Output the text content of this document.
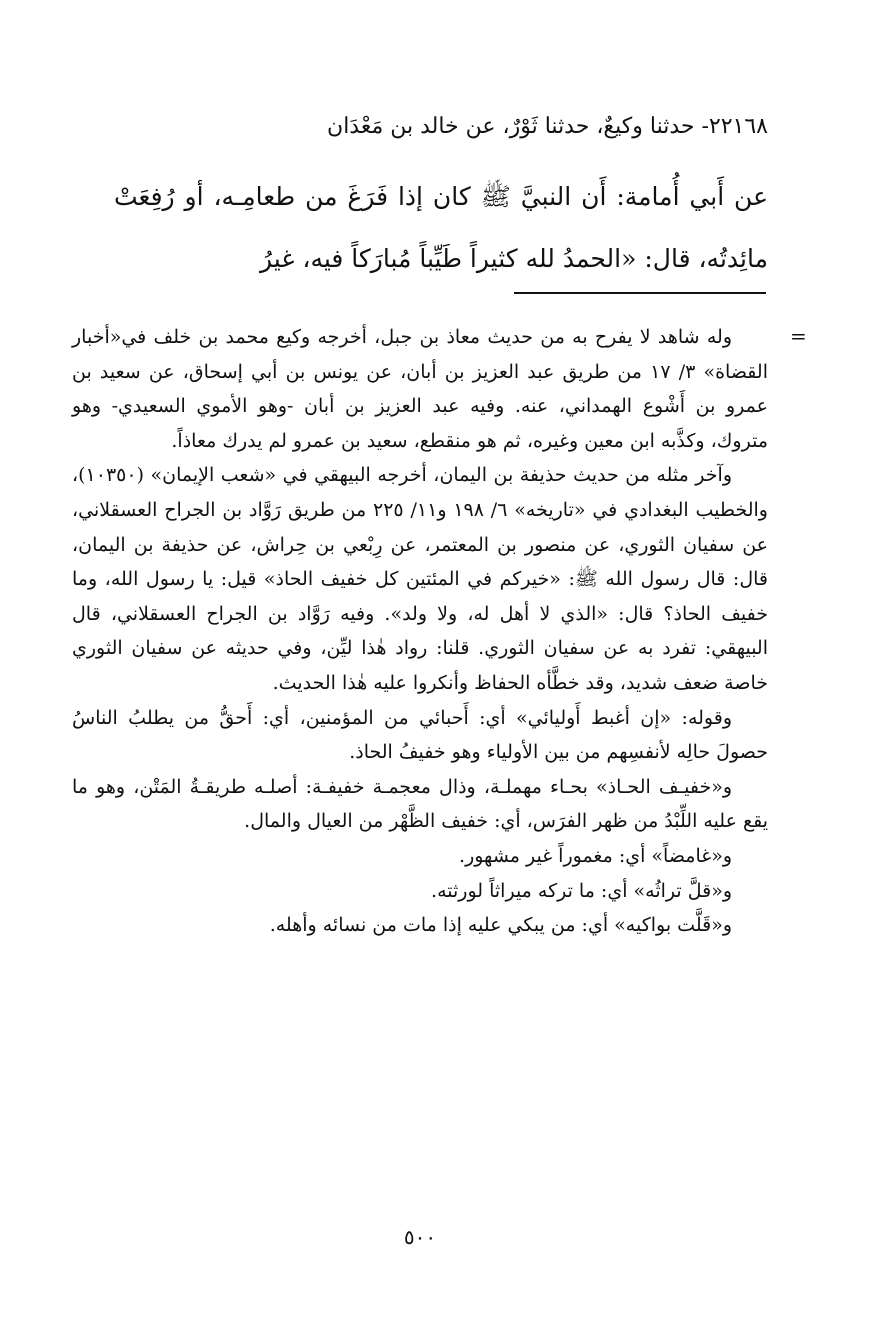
٢٢١٦٨- حدثنا وكيعٌ، حدثنا ثَوْرٌ، عن خالد بن مَعْدَان
عن أَبي أُمامة: أَن النبيَّ ﷺ كان إذا فَرَغَ من طعامِـه، أو رُفِعَتْ مائِدتُه، قال: «الحمدُ لله كثيراً طَيِّباً مُبارَكاً فيه، غيرُ
=

وله شاهد لا يفرح به من حديث معاذ بن جبل، أخرجه وكيع محمد بن خلف في«أخبار القضاة» ٣/ ١٧ من طريق عبد العزيز بن أبان، عن يونس بن أبي إسحاق، عن سعيد بن عمرو بن أَشْوع الهمداني، عنه. وفيه عبد العزيز بن أبان -وهو الأموي السعيدي- وهو متروك، وكذَّبه ابن معين وغيره، ثم هو منقطع، سعيد بن عمرو لم يدرك معاذاً.

وآخر مثله من حديث حذيفة بن اليمان، أخرجه البيهقي في «شعب الإيمان» (١٠٣٥٠)، والخطيب البغدادي في «تاريخه» ٦/ ١٩٨ و١١/ ٢٢٥ من طريق رَوَّاد بن الجراح العسقلاني، عن سفيان الثوري، عن منصور بن المعتمر، عن رِبْعي بن حِراش، عن حذيفة بن اليمان، قال: قال رسول الله ﷺ: «خيركم في المئتين كل خفيف الحاذ» قيل: يا رسول الله، وما خفيف الحاذ؟ قال: «الذي لا أهل له، ولا ولد». وفيه رَوَّاد بن الجراح العسقلاني، قال البيهقي: تفرد به عن سفيان الثوري. قلنا: رواد هٰذا ليِّن، وفي حديثه عن سفيان الثوري خاصة ضعف شديد، وقد خطَّأه الحفاظ وأنكروا عليه هٰذا الحديث.

وقوله: «إن أغبط أَوليائي» أي: أَحبائي من المؤمنين، أي: أَحقُّ من يطلبُ الناسُ حصولَ حالِه لأنفسِهم من بين الأولياء وهو خفيفُ الحاذ.

و«خفيـف الحـاذ» بحـاء مهملـة، وذال معجمـة خفيفـة: أصلـه طريقـةُ المَتْن، وهو ما يقع عليه اللِّبْدُ من ظهر الفرَس، أي: خفيف الظَّهْر من العيال والمال.

و«غامضاً» أي: مغموراً غير مشهور.

و«قلَّ تراثُه» أي: ما تركه ميراثاً لورثته.

و«قَلَّت بواكيه» أي: من يبكي عليه إذا مات من نسائه وأهله.

٥٠٠
